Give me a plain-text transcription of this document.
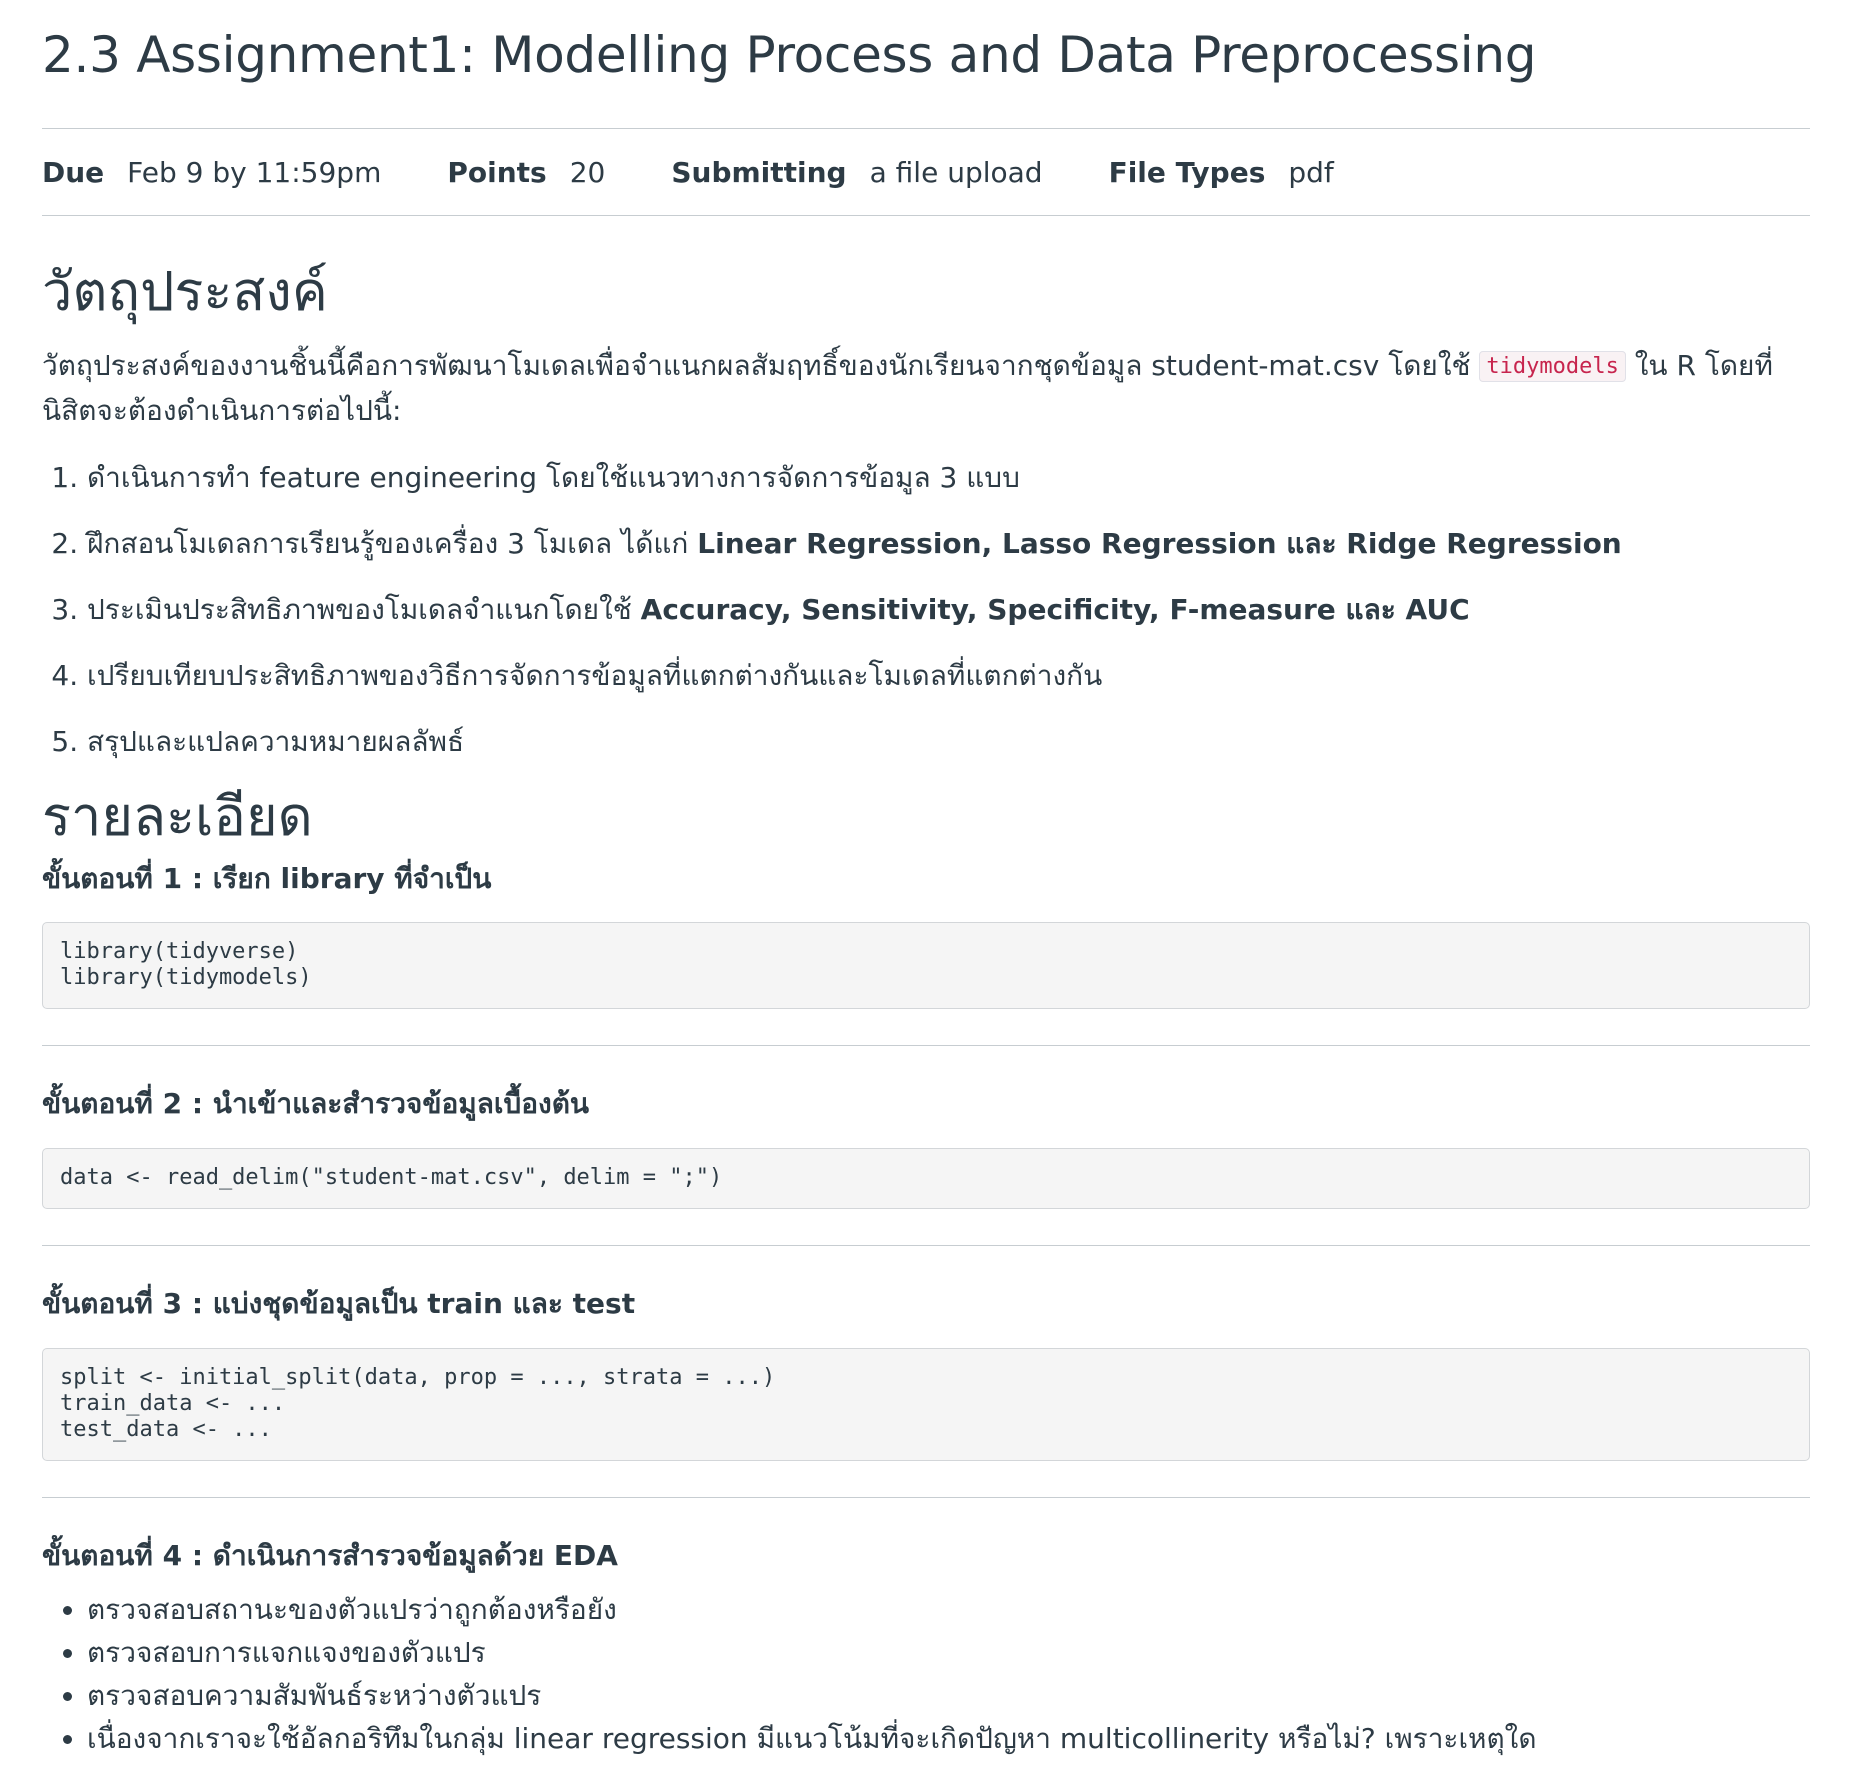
2.3 Assignment1: Modelling Process and Data Preprocessing
Due Feb 9 by 11:59pm Points 20 Submitting a file upload File Types pdf
วัตถุประสงค์

วัตถุประสงค์ของงานชิ้นนี้คือการพัฒนาโมเดลเพื่อจำแนกผลสัมฤทธิ์ของนักเรียนจากชุดข้อมูล student-mat.csv โดยใช้ tidymodels ใน R โดยที่นิสิตจะต้องดำเนินการต่อไปนี้:

1. ดำเนินการทำ feature engineering โดยใช้แนวทางการจัดการข้อมูล 3 แบบ
2. ฝึกสอนโมเดลการเรียนรู้ของเครื่อง 3 โมเดล ได้แก่ Linear Regression, Lasso Regression และ Ridge Regression
3. ประเมินประสิทธิภาพของโมเดลจำแนกโดยใช้ Accuracy, Sensitivity, Specificity, F-measure และ AUC
4. เปรียบเทียบประสิทธิภาพของวิธีการจัดการข้อมูลที่แตกต่างกันและโมเดลที่แตกต่างกัน
5. สรุปและแปลความหมายผลลัพธ์
รายละเอียด
ขั้นตอนที่ 1 : เรียก library ที่จำเป็น
library(tidyverse)
library(tidymodels)
ขั้นตอนที่ 2 : นำเข้าและสำรวจข้อมูลเบื้องต้น
data <- read_delim("student-mat.csv", delim = ";")
ขั้นตอนที่ 3 : แบ่งชุดข้อมูลเป็น train และ test
split <- initial_split(data, prop = ..., strata = ...)
train_data <- ...
test_data <- ...
ขั้นตอนที่ 4 : ดำเนินการสำรวจข้อมูลด้วย EDA
• ตรวจสอบสถานะของตัวแปรว่าถูกต้องหรือยัง
• ตรวจสอบการแจกแจงของตัวแปร
• ตรวจสอบความสัมพันธ์ระหว่างตัวแปร
• เนื่องจากเราจะใช้อัลกอริทึมในกลุ่ม linear regression มีแนวโน้มที่จะเกิดปัญหา multicollinerity หรือไม่? เพราะเหตุใด
